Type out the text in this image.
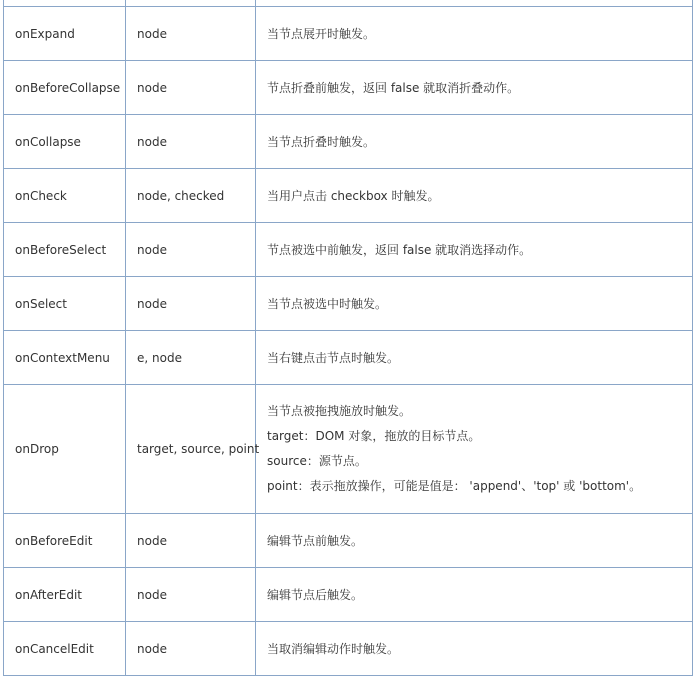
onExpand	node	当节点展开时触发。
onBeforeCollapse	node	节点折叠前触发，返回 false 就取消折叠动作。
onCollapse	node	当节点折叠时触发。
onCheck	node, checked	当用户点击 checkbox 时触发。
onBeforeSelect	node	节点被选中前触发，返回 false 就取消选择动作。
onSelect	node	当节点被选中时触发。
onContextMenu	e, node	当右键点击节点时触发。
onDrop	target, source, point	当节点被拖拽施放时触发。
target：DOM 对象，拖放的目标节点。
source：源节点。
point：表示拖放操作，可能是值是： 'append'、'top' 或 'bottom'。

onBeforeEdit	node	编辑节点前触发。
onAfterEdit	node	编辑节点后触发。
onCancelEdit	node	当取消编辑动作时触发。
